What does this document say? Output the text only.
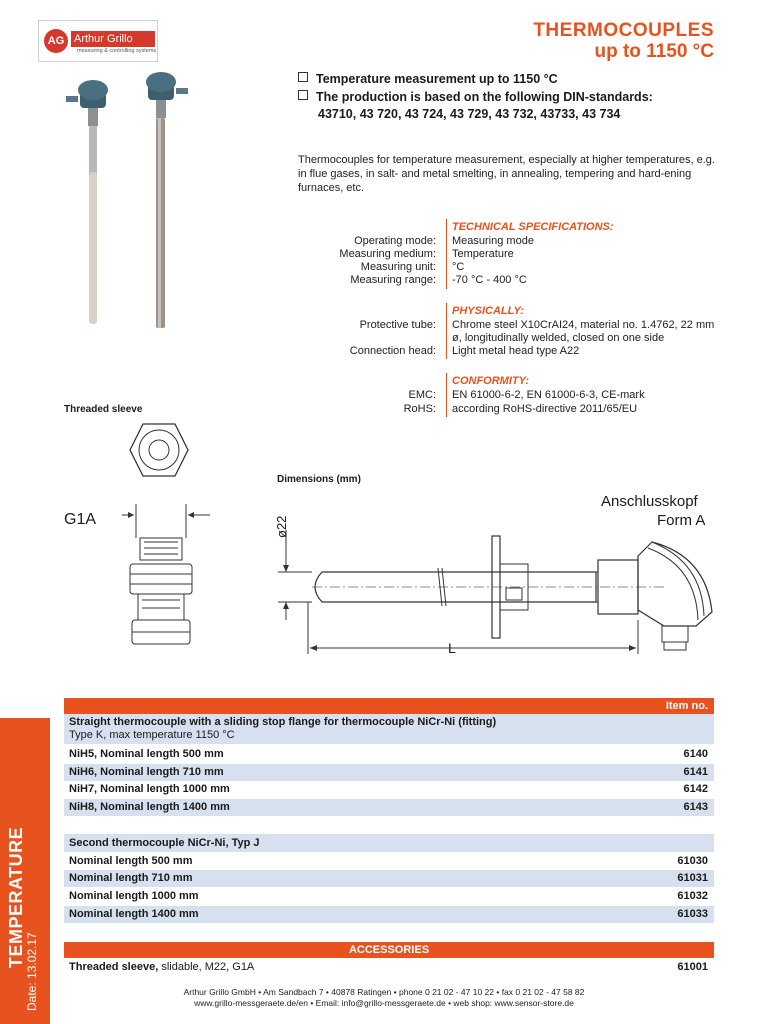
AG Arthur Grillo
measuring & controlling systems
THERMOCOUPLES
up to 1150 °C
Temperature measurement up to 1150 °C
The production is based on the following DIN-standards:
43710, 43 720, 43 724, 43 729, 43 732, 43733, 43 734
Thermocouples for temperature measurement, especially at higher temperatures, e.g. in flue gases, in salt- and metal smelting, in annealing, tempering and hard-ening furnaces, etc.
TECHNICAL SPECIFICATIONS:
Operating mode: Measuring mode
Measuring medium: Temperature
Measuring unit: °C
Measuring range: -70 °C - 400 °C
PHYSICALLY:
Protective tube: Chrome steel X10CrAI24, material no. 1.4762, 22 mm ø, longitudinally welded, closed on one side
Connection head: Light metal head type A22
CONFORMITY:
EMC: EN 61000-6-2, EN 61000-6-3, CE-mark
RoHS: according RoHS-directive 2011/65/EU
Threaded sleeve
Dimensions (mm)
G1A
Anschlusskopf
Form A
ø22
L
TEMPERATURE
Date: 13.02.17
Item no.
Straight thermocouple with a sliding stop flange for thermocouple NiCr-Ni (fitting)
Type K, max temperature 1150 °C
NiH5, Nominal length 500 mm	6140
NiH6, Nominal length 710 mm	6141
NiH7, Nominal length 1000 mm	6142
NiH8, Nominal length 1400 mm	6143
Second thermocouple NiCr-Ni, Typ J
Nominal length 500 mm	61030
Nominal length 710 mm	61031
Nominal length 1000 mm	61032
Nominal length 1400 mm	61033
ACCESSORIES
Threaded sleeve, slidable, M22, G1A	61001
Arthur Grillo GmbH • Am Sandbach 7 • 40878 Ratingen • phone 0 21 02 - 47 10 22 • fax 0 21 02 - 47 58 82
www.grillo-messgeraete.de/en • Email: info@grillo-messgeraete.de • web shop: www.sensor-store.de
